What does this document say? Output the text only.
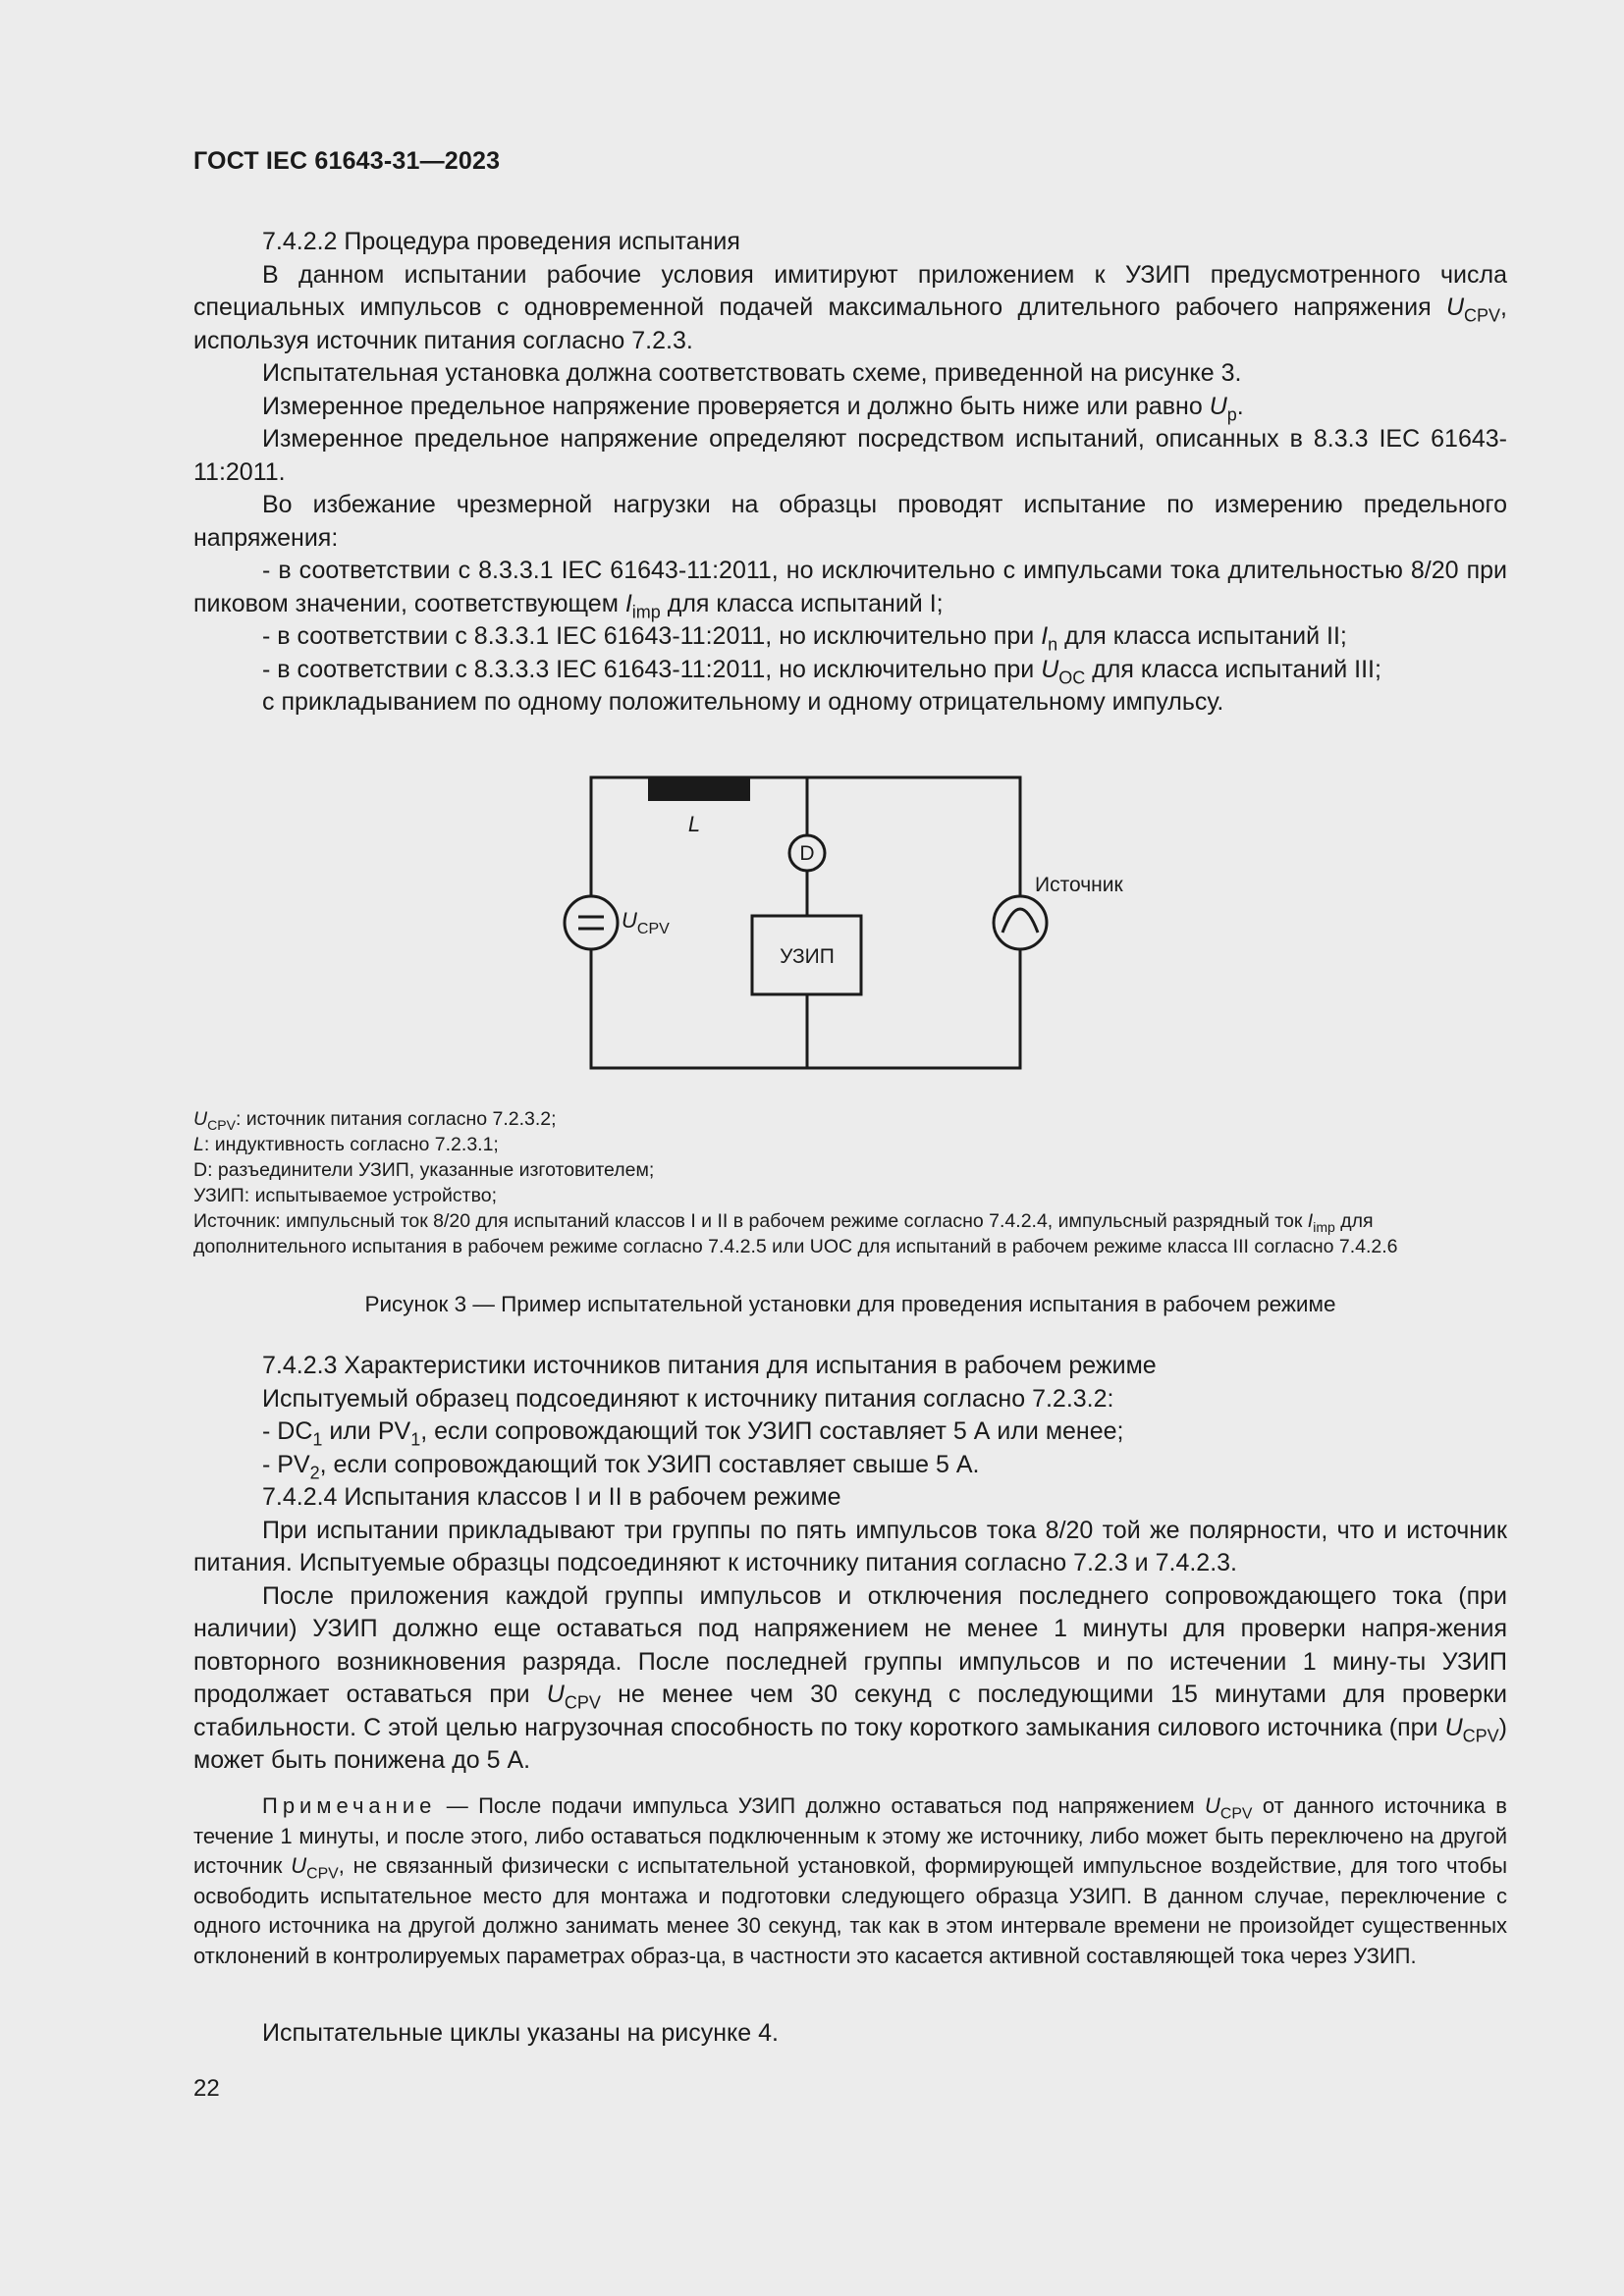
ГОСТ IEC 61643-31—2023

7.4.2.2 Процедура проведения испытания

В данном испытании рабочие условия имитируют приложением к УЗИП предусмотренного числа специальных импульсов с одновременной подачей максимального длительного рабочего напряжения $U_{CPV}$, используя источник питания согласно 7.2.3.

Испытательная установка должна соответствовать схеме, приведенной на рисунке 3.

Измеренное предельное напряжение проверяется и должно быть ниже или равно $U_p$.

Измеренное предельное напряжение определяют посредством испытаний, описанных в 8.3.3 IEC 61643-11:2011.

Во избежание чрезмерной нагрузки на образцы проводят испытание по измерению предельного напряжения:

- в соответствии с 8.3.3.1 IEC 61643-11:2011, но исключительно с импульсами тока длительностью 8/20 при пиковом значении, соответствующем $I_{imp}$ для класса испытаний I;

- в соответствии с 8.3.3.1 IEC 61643-11:2011, но исключительно при $I_n$ для класса испытаний II;

- в соответствии с 8.3.3.3 IEC 61643-11:2011, но исключительно при $U_{OC}$ для класса испытаний III;

с прикладыванием по одному положительному и одному отрицательному импульсу.

L
D
УЗИП
$U_{CPV}$
Источник

$U_{CPV}$: источник питания согласно 7.2.3.2;

L: индуктивность согласно 7.2.3.1;

D: разъединители УЗИП, указанные изготовителем;

УЗИП: испытываемое устройство;

Источник: импульсный ток 8/20 для испытаний классов I и II в рабочем режиме согласно 7.4.2.4, импульсный разрядный ток $I_{imp}$ для дополнительного испытания в рабочем режиме согласно 7.4.2.5 или UOC для испытаний в рабочем режиме класса III согласно 7.4.2.6

Рисунок 3 — Пример испытательной установки для проведения испытания в рабочем режиме

7.4.2.3 Характеристики источников питания для испытания в рабочем режиме

Испытуемый образец подсоединяют к источнику питания согласно 7.2.3.2:

- $DC_1$ или $PV_1$, если сопровождающий ток УЗИП составляет 5 А или менее;

- $PV_2$, если сопровождающий ток УЗИП составляет свыше 5 А.

7.4.2.4 Испытания классов I и II в рабочем режиме

При испытании прикладывают три группы по пять импульсов тока 8/20 той же полярности, что и источник питания. Испытуемые образцы подсоединяют к источнику питания согласно 7.2.3 и 7.4.2.3.

После приложения каждой группы импульсов и отключения последнего сопровождающего тока (при наличии) УЗИП должно еще оставаться под напряжением не менее 1 минуты для проверки напря-жения повторного возникновения разряда. После последней группы импульсов и по истечении 1 мину-ты УЗИП продолжает оставаться при $U_{CPV}$ не менее чем 30 секунд с последующими 15 минутами для проверки стабильности. С этой целью нагрузочная способность по току короткого замыкания силового источника (при $U_{CPV}$) может быть понижена до 5 А.

Примечание — После подачи импульса УЗИП должно оставаться под напряжением $U_{CPV}$ от данного источника в течение 1 минуты, и после этого, либо оставаться подключенным к этому же источнику, либо может быть переключено на другой источник $U_{CPV}$, не связанный физически с испытательной установкой, формирующей импульсное воздействие, для того чтобы освободить испытательное место для монтажа и подготовки следующего образца УЗИП. В данном случае, переключение с одного источника на другой должно занимать менее 30 секунд, так как в этом интервале времени не произойдет существенных отклонений в контролируемых параметрах образ-ца, в частности это касается активной составляющей тока через УЗИП.

Испытательные циклы указаны на рисунке 4.

22
